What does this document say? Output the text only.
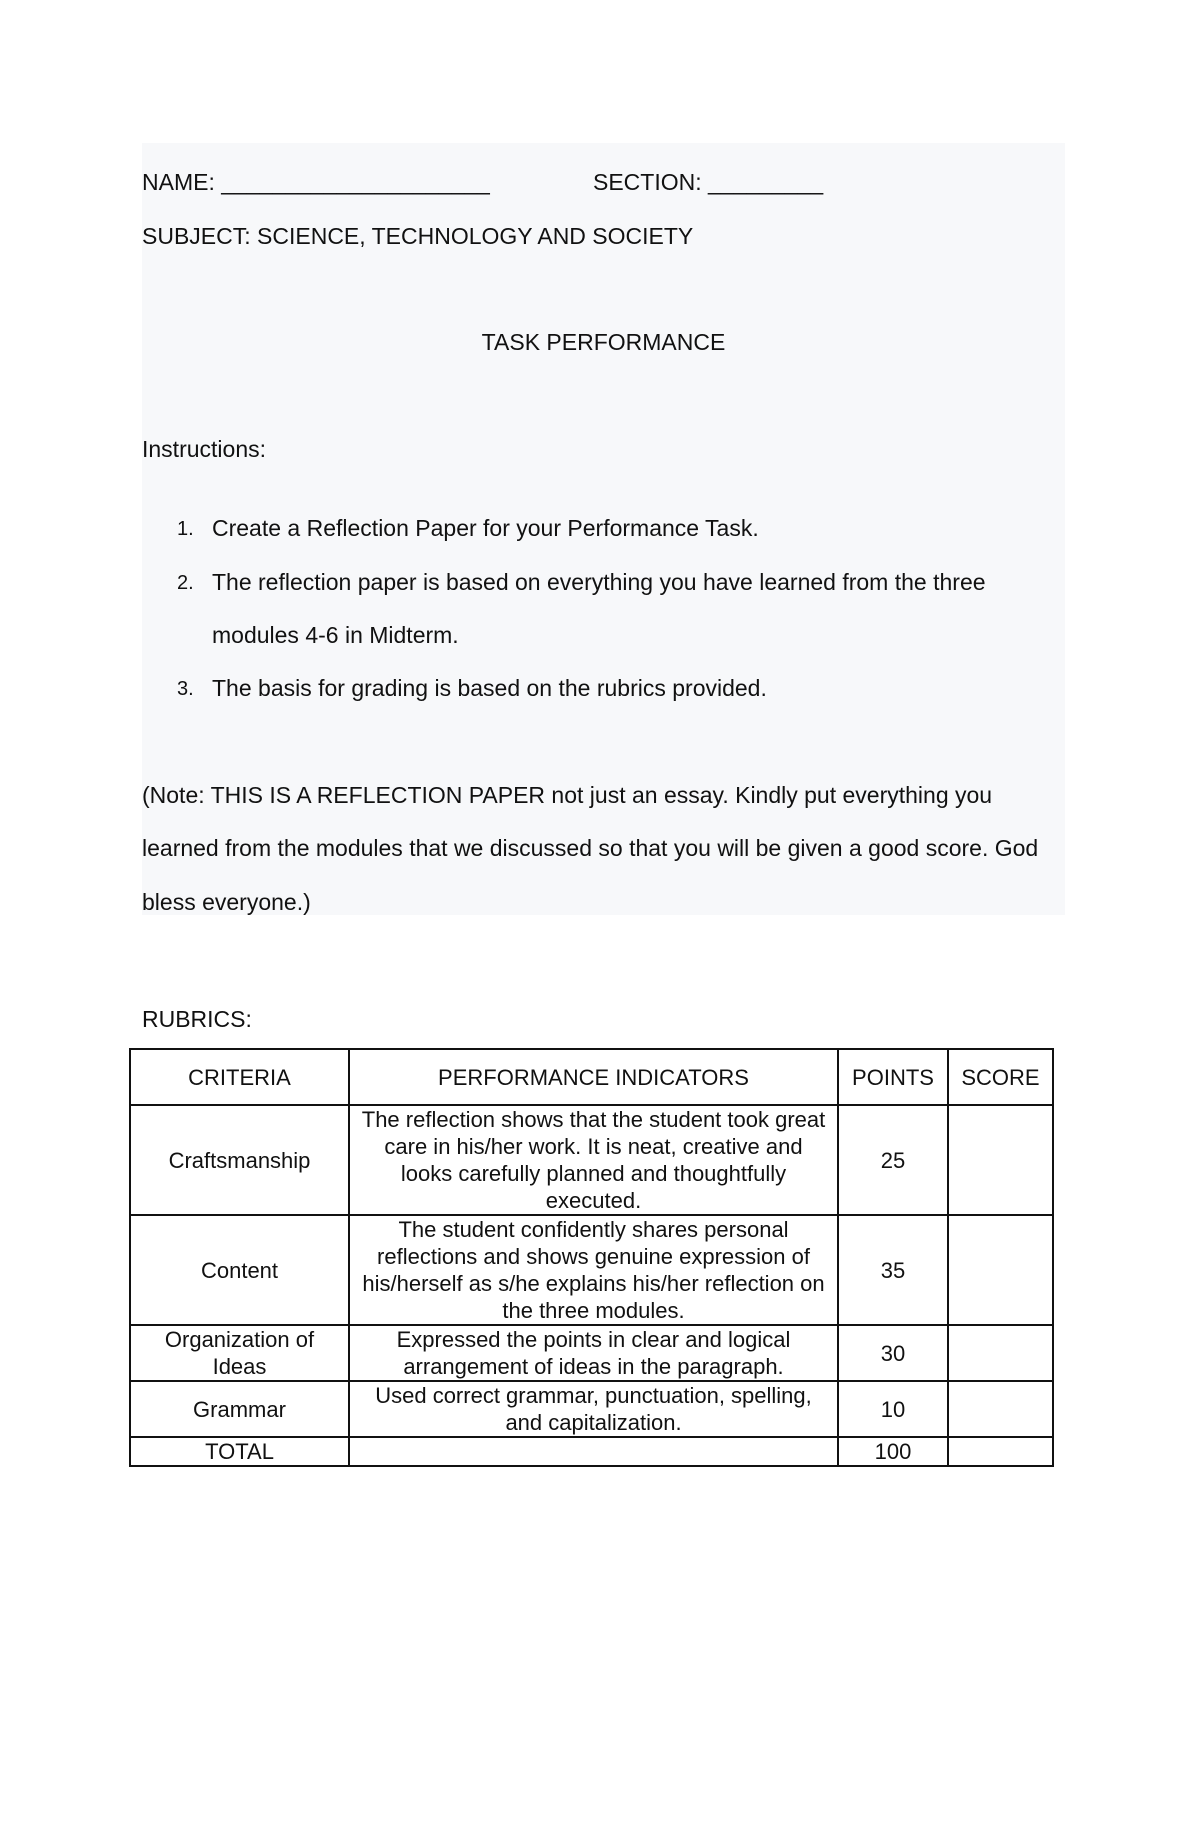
NAME: _____________________	SECTION: _________
SUBJECT: SCIENCE, TECHNOLOGY AND SOCIETY
TASK PERFORMANCE
Instructions:
1. Create a Reflection Paper for your Performance Task.
2. The reflection paper is based on everything you have learned from the three
modules 4-6 in Midterm.
3. The basis for grading is based on the rubrics provided.
(Note: THIS IS A REFLECTION PAPER not just an essay. Kindly put everything you
learned from the modules that we discussed so that you will be given a good score. God
bless everyone.)
RUBRICS:
CRITERIA	PERFORMANCE INDICATORS	POINTS	SCORE
Craftsmanship	The reflection shows that the student took great care in his/her work. It is neat, creative and looks carefully planned and thoughtfully executed.	25	
Content	The student confidently shares personal reflections and shows genuine expression of his/herself as s/he explains his/her reflection on the three modules.	35	
Organization of Ideas	Expressed the points in clear and logical arrangement of ideas in the paragraph.	30	
Grammar	Used correct grammar, punctuation, spelling, and capitalization.	10	
TOTAL		100	
